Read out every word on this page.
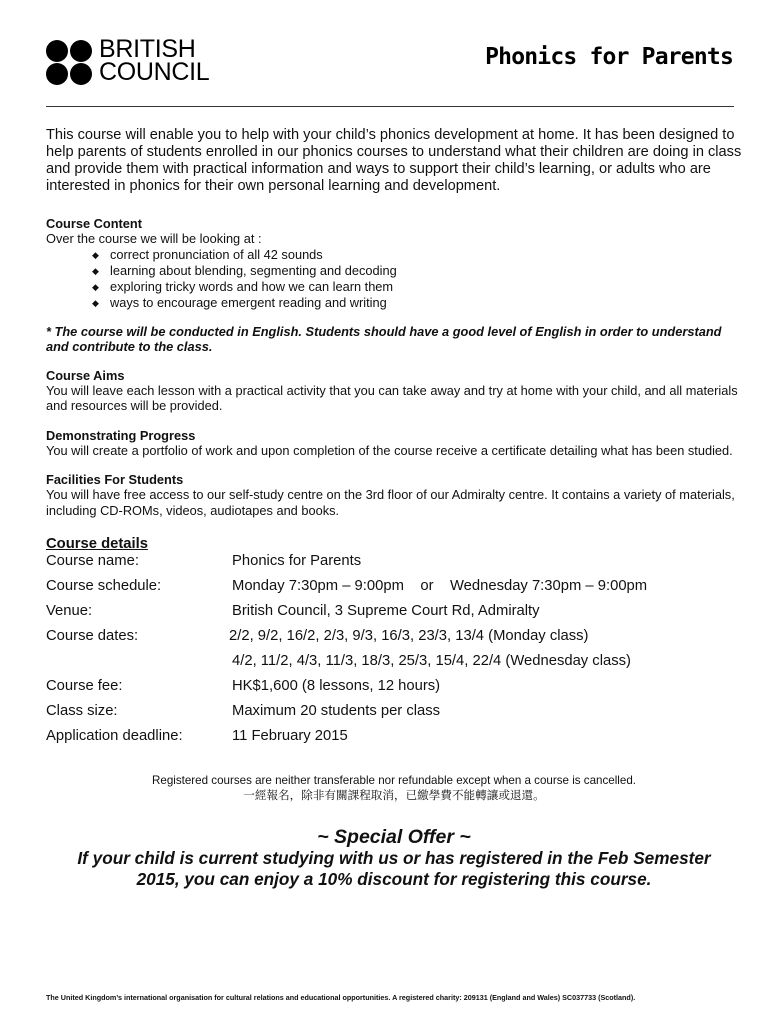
BRITISH
COUNCIL
Phonics for Parents

This course will enable you to help with your child’s phonics development at home. It has been designed to help parents of students enrolled in our phonics courses to understand what their children are doing in class and provide them with practical information and ways to support their child’s learning, or adults who are interested in phonics for their own personal learning and development.

Course Content

Over the course we will be looking at :

◆ correct pronunciation of all 42 sounds
◆ learning about blending, segmenting and decoding
◆ exploring tricky words and how we can learn them
◆ ways to encourage emergent reading and writing

* The course will be conducted in English. Students should have a good level of English in order to understand and contribute to the class.

Course Aims

You will leave each lesson with a practical activity that you can take away and try at home with your child, and all materials and resources will be provided.

Demonstrating Progress

You will create a portfolio of work and upon completion of the course receive a certificate detailing what has been studied.

Facilities For Students

You will have free access to our self-study centre on the 3rd floor of our Admiralty centre. It contains a variety of materials, including CD-ROMs, videos, audiotapes and books.

Course details

Course name:	Phonics for Parents
Course schedule:	Monday 7:30pm – 9:00pm    or    Wednesday 7:30pm – 9:00pm
Venue:	British Council, 3 Supreme Court Rd, Admiralty
Course dates:	2/2, 9/2, 16/2, 2/3, 9/3, 16/3, 23/3, 13/4 (Monday class)
4/2, 11/2, 4/3, 11/3, 18/3, 25/3, 15/4, 22/4 (Wednesday class)
Course fee:	HK$1,600 (8 lessons, 12 hours)
Class size:	Maximum 20 students per class
Application deadline:	11 February 2015

Registered courses are neither transferable nor refundable except when a course is cancelled.

一經報名，除非有關課程取消，已繳學費不能轉讓或退還。

~ Special Offer ~

If your child is current studying with us or has registered in the Feb Semester 2015, you can enjoy a 10% discount for registering this course.

The United Kingdom’s international organisation for cultural relations and educational opportunities. A registered charity: 209131 (England and Wales) SC037733 (Scotland).
